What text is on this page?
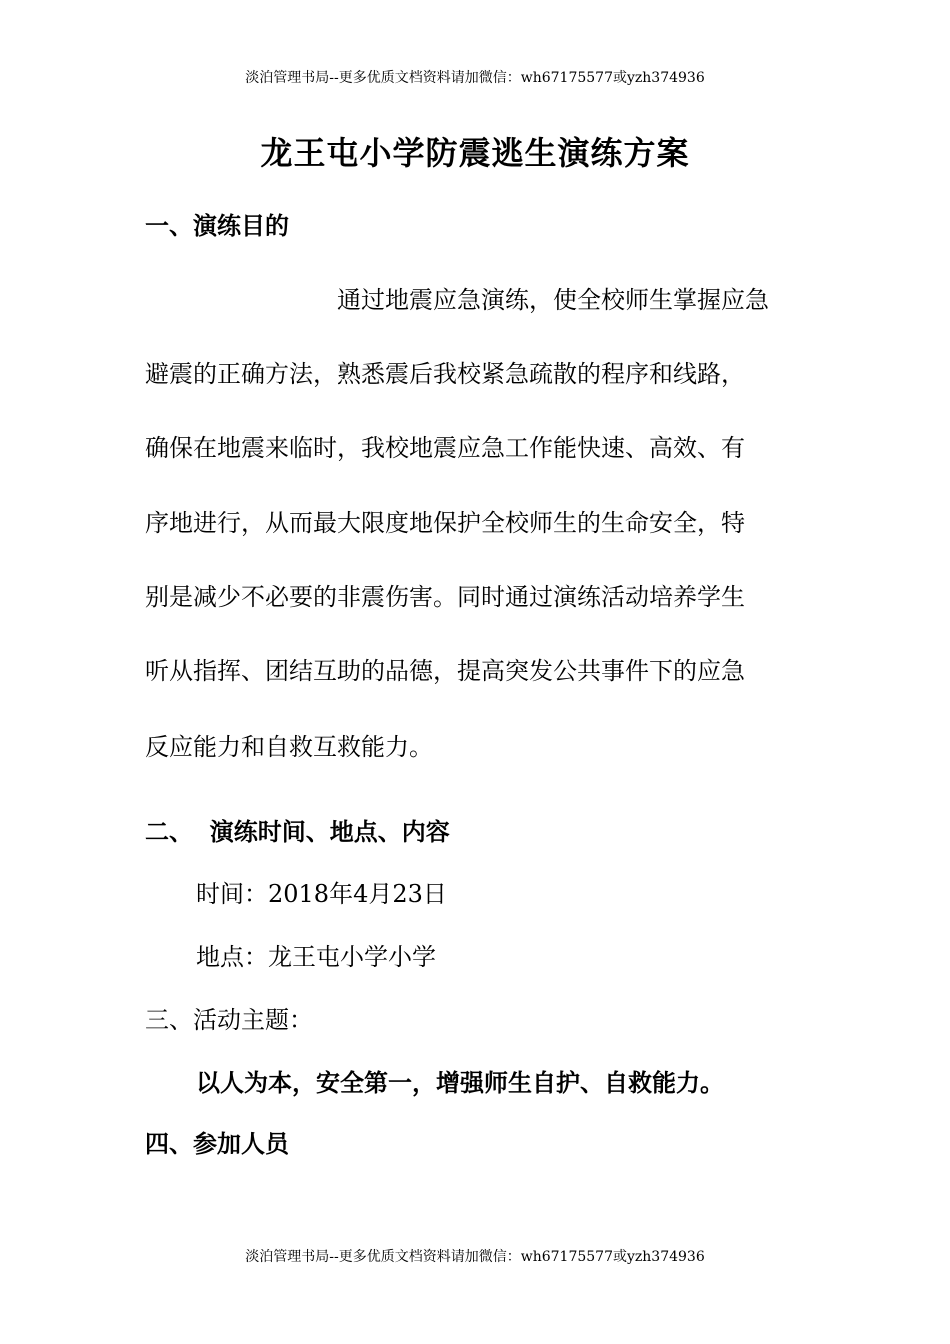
淡泊管理书局--更多优质文档资料请加微信：wh67175577或yzh374936
龙王屯小学防震逃生演练方案
一、演练目的
通过地震应急演练，使全校师生掌握应急
避震的正确方法，熟悉震后我校紧急疏散的程序和线路，
确保在地震来临时，我校地震应急工作能快速、高效、有
序地进行，从而最大限度地保护全校师生的生命安全，特
别是减少不必要的非震伤害。同时通过演练活动培养学生
听从指挥、团结互助的品德，提高突发公共事件下的应急
反应能力和自救互救能力。
二、  演练时间、地点、内容
时间：2018年4月23日
地点：龙王屯小学小学
三、活动主题：
以人为本，安全第一，增强师生自护、自救能力。
四、参加人员
淡泊管理书局--更多优质文档资料请加微信：wh67175577或yzh374936
